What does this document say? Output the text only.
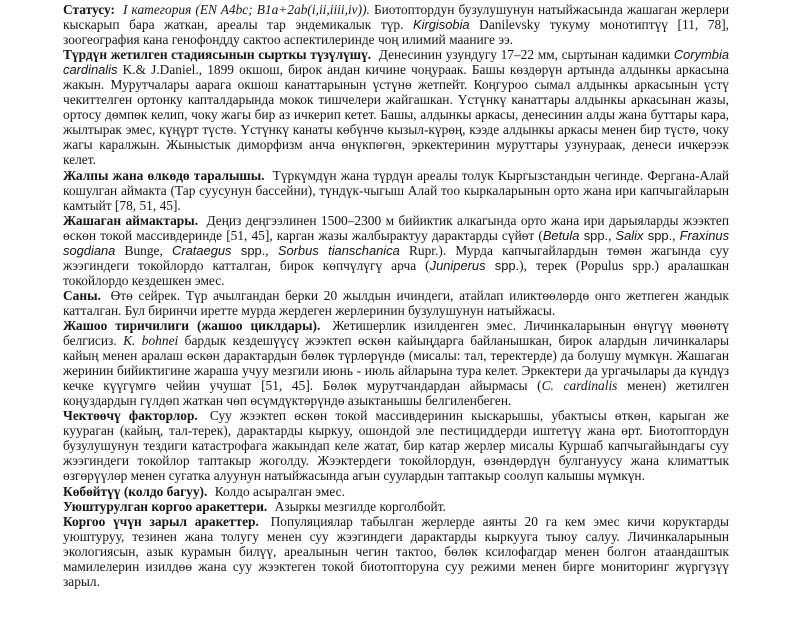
Статусу: I категория (EN A4bc; B1a+2ab(i,ii,iiii,iv)). Биотоптордун бузулушунун натыйжасында жашаган жерлери кыскарып бара жаткан, ареалы тар эндемикалык түр. Kirgisobia Danilevsky тукуму монотиптүү [11, 78], зоогеография кана генофондду сактоо аспектилеринде чоң илимий мааниге ээ.

Түрдүн жетилген стадиясынын сырткы түзүлүшү. Денесинин узундугу 17–22 мм, сыртынан кадимки Corymbia cardinalis K.& J.Daniel., 1899 окшош, бирок андан кичине чоңураак. Башы көздөрүн артында алдынкы аркасына жакын. Мурутчалары аарага окшош канаттарынын үстүнө жетпейт. Коңгуроо сымал алдынкы аркасынын үстү чекиттелген ортонку капталдарында мокок тишчелери жайгашкан. Үстүнкү канаттары алдынкы аркасынан жазы, ортосу дөмпөк келип, чоку жагы бир аз ичкерип кетет. Башы, алдынкы аркасы, денесинин алды жана буттары кара, жылтырак эмес, күңүрт түстө. Үстүнкү канаты көбүнчө кызыл-күрөң, кээде алдынкы аркасы менен бир түстө, чоку жагы каралжын. Жыныстык диморфизм анча өнүкпөгөн, эркектеринин муруттары узунураак, денеси ичкерээк келет.

Жалпы жана өлкөдө таралышы. Түркүмдүн жана түрдүн ареалы толук Кыргызстандын чегинде. Фергана-Алай кошулган аймакта (Тар суусунун бассейни), түндүк-чыгыш Алай тоо кыркаларынын орто жана ири капчыгайларын камтыйт [78, 51, 45].

Жашаган аймактары. Деңиз деңгээлинен 1500–2300 м бийиктик алкагында орто жана ири дарыяларды жээктеп өскөн токой массивдеринде [51, 45], карган жазы жалбырактуу дарактарды сүйөт (Betula spp., Salix spp., Fraxinus sogdiana Bunge, Crataegus spp., Sorbus tianschanica Rupr.). Мурда капчыгайлардын төмөн жагында суу жээгиндеги токойлордо катталган, бирок көпчүлүгү арча (Juniperus spp.), терек (Populus spp.) аралашкан токойлордо кездешкен эмес.

Саны. Өтө сейрек. Түр ачылгандан берки 20 жылдын ичиндеги, атайлап иликтөөлөрдө онго жетпеген жандык катталган. Бул биринчи иретте мурда жердеген жерлеринин бузулушунун натыйжасы.

Жашоо тиричилиги (жашоо циклдары). Жетишерлик изилденген эмес. Личинкаларынын өнүгүү мөөнөтү белгисиз. K. bohnei бардык кездешүүсү жээктеп өскөн кайыңдарга байланышкан, бирок алардын личинкалары кайың менен аралаш өскөн дарактардын бөлөк түрлөрүндө (мисалы: тал, теректерде) да болушу мүмкүн. Жашаган жеринин бийиктигине жараша учуу мезгили июнь - июль айларына тура келет. Эркектери да ургачылары да күндүз кечке күүгүмгө чейин учушат [51, 45]. Бөлөк мурутчандардан айырмасы (C. cardinalis менен) жетилген коңуздардын гүлдөп жаткан чөп өсүмдүктөрүндө азыктанышы белгиленбеген.

Чектөөчү факторлор. Суу жээктеп өскөн токой массивдеринин кыскарышы, убактысы өткөн, карыган же куураган (кайың, тал-терек), дарактарды кыркуу, ошондой эле пестициддерди иштетүү жана өрт. Биотоптордун бузулушунун тездиги катастрофага жакындап келе жатат, бир катар жерлер мисалы Куршаб капчыгайындагы суу жээгиндеги токойлор таптакыр жоголду. Жээктердеги токойлордун, өзөндөрдүн булгануусу жана климаттык өзгөрүүлөр менен сугатка алуунун натыйжасында агын суулардын таптакыр соолуп калышы мүмкүн.

Көбөйтүү (колдо багуу). Колдо асыралган эмес.

Уюштурулган коргоо аракеттери. Азыркы мезгилде корголбойт.

Коргоо үчүн зарыл аракеттер. Популяциялар табылган жерлерде аянты 20 га кем эмес кичи коруктарды уюштуруу, тезинен жана толугу менен суу жээгиндеги дарактарды кыркууга тыюу салуу. Личинкаларынын экологиясын, азык курамын билүү, ареалынын чегин тактоо, бөлөк ксилофагдар менен болгон атаандаштык мамилелерин изилдөө жана суу жээктеген токой биотопторуна суу режими менен бирге мониторинг жүргүзүү зарыл.
